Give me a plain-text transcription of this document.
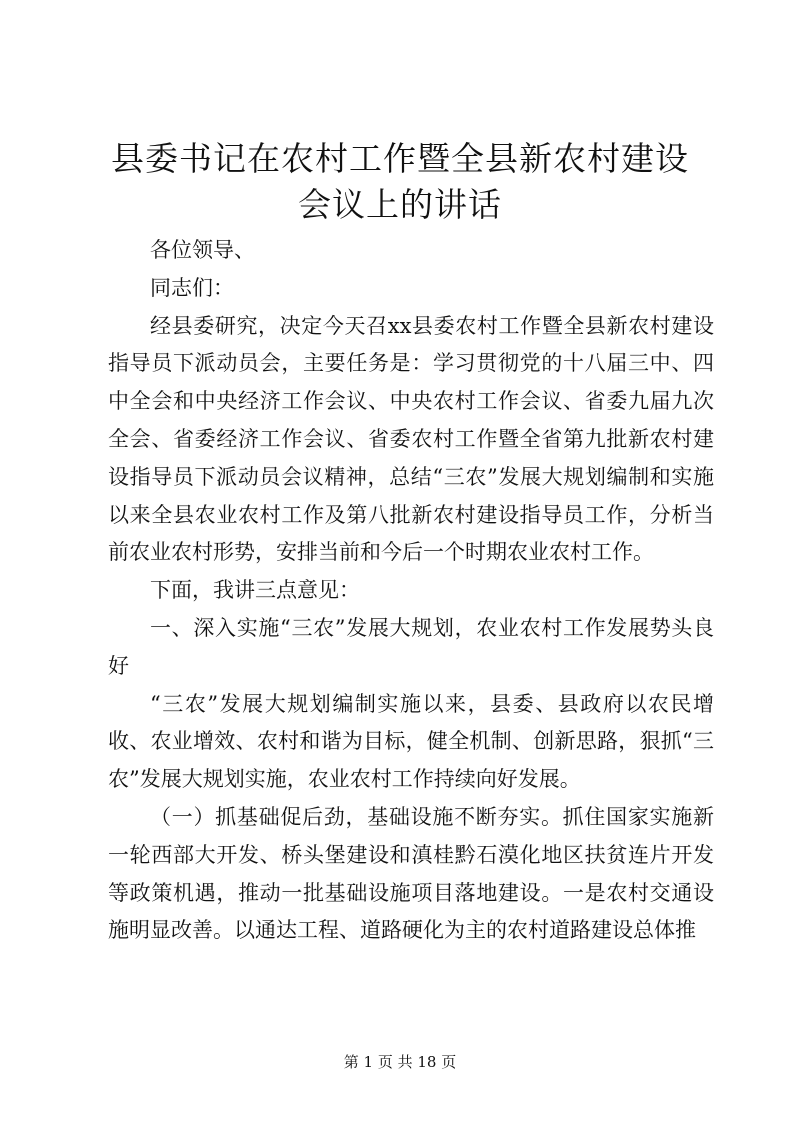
县委书记在农村工作暨全县新农村建设会议上的讲话

各位领导、

同志们：

经县委研究，决定今天召xx县委农村工作暨全县新农村建设指导员下派动员会，主要任务是：学习贯彻党的十八届三中、四中全会和中央经济工作会议、中央农村工作会议、省委九届九次全会、省委经济工作会议、省委农村工作暨全省第九批新农村建设指导员下派动员会议精神，总结“三农”发展大规划编制和实施以来全县农业农村工作及第八批新农村建设指导员工作，分析当前农业农村形势，安排当前和今后一个时期农业农村工作。

下面，我讲三点意见：

一、深入实施“三农”发展大规划，农业农村工作发展势头良好

“三农”发展大规划编制实施以来，县委、县政府以农民增收、农业增效、农村和谐为目标，健全机制、创新思路，狠抓“三农”发展大规划实施，农业农村工作持续向好发展。

（一）抓基础促后劲，基础设施不断夯实。抓住国家实施新一轮西部大开发、桥头堡建设和滇桂黔石漠化地区扶贫连片开发等政策机遇，推动一批基础设施项目落地建设。一是农村交通设施明显改善。以通达工程、道路硬化为主的农村道路建设总体推

第 1 页 共 18 页
